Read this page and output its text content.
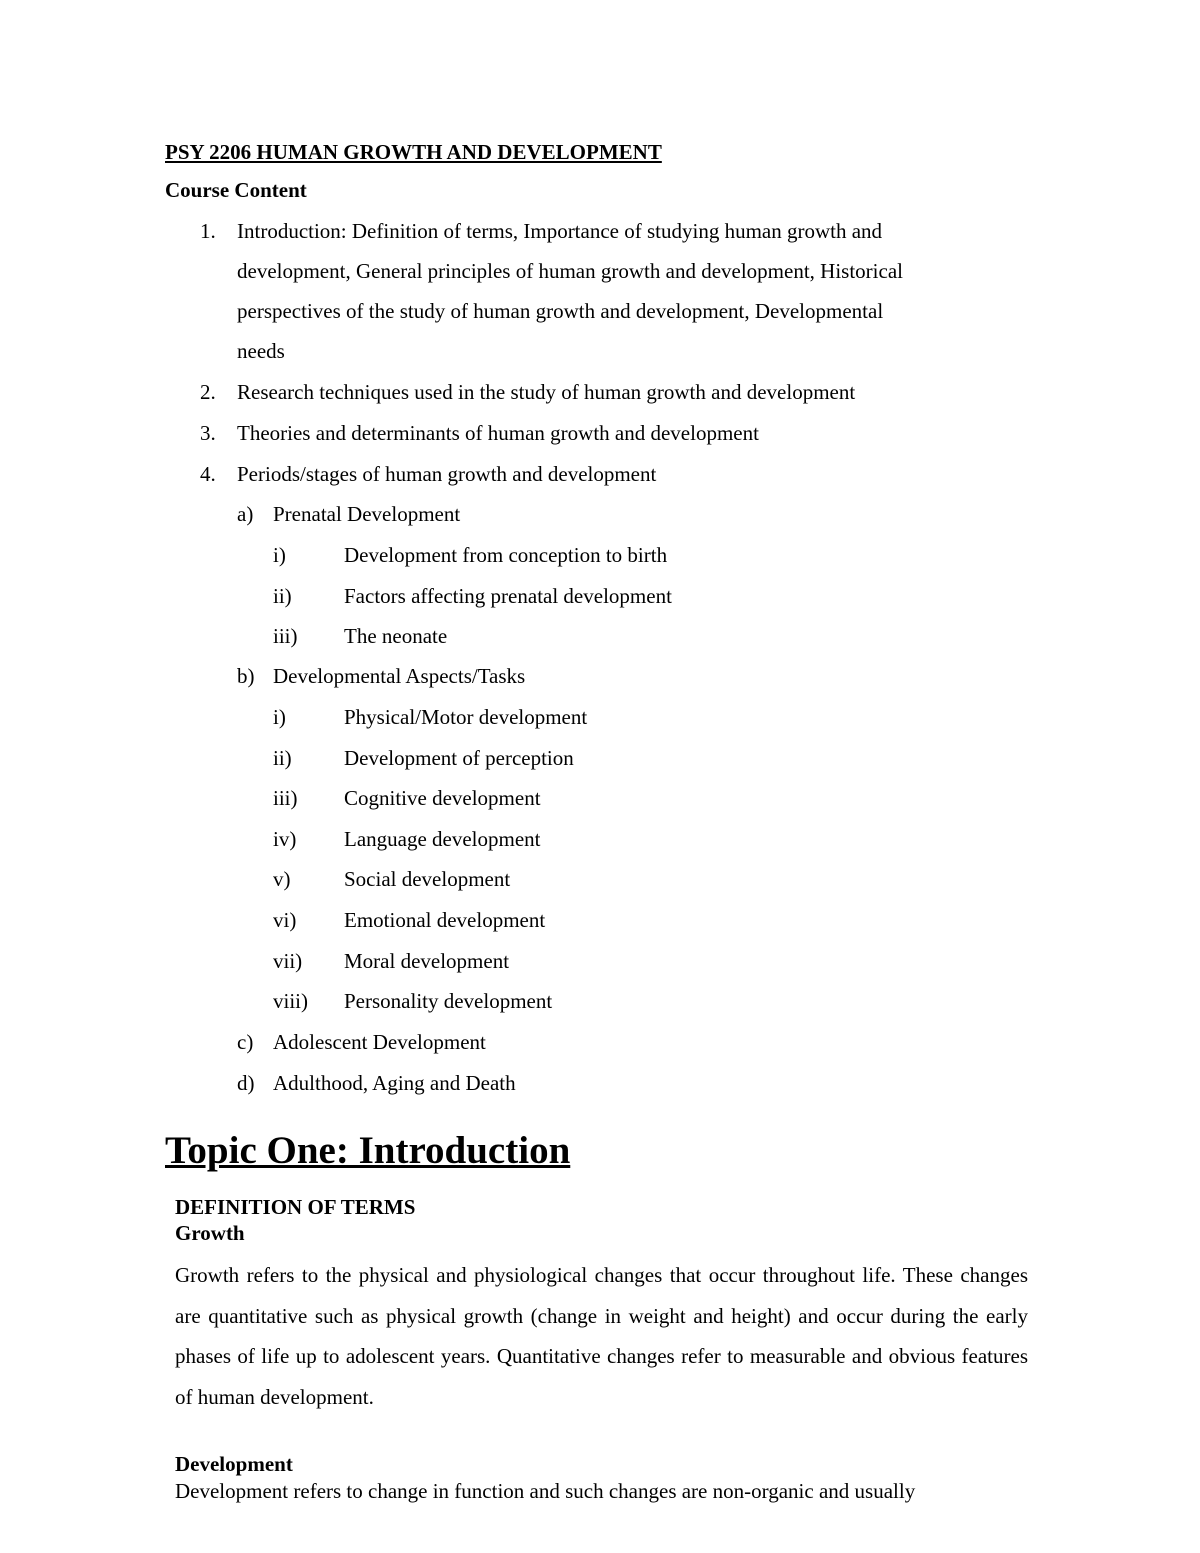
PSY 2206 HUMAN GROWTH AND DEVELOPMENT
Course Content
1. Introduction: Definition of terms, Importance of studying human growth and
development, General principles of human growth and development, Historical
perspectives of the study of human growth and development, Developmental
needs
2. Research techniques used in the study of human growth and development
3. Theories and determinants of human growth and development
4. Periods/stages of human growth and development
a) Prenatal Development
i)	Development from conception to birth
ii) Factors affecting prenatal development
iii) The neonate
b) Developmental Aspects/Tasks
i)	Physical/Motor development
ii) Development of perception
iii) Cognitive development
iv) Language development
v)	Social development
vi) Emotional development
vii) Moral development
viii) Personality development
c) Adolescent Development
d) Adulthood, Aging and Death
Topic One: Introduction
DEFINITION OF TERMS
Growth
Growth refers to the physical and physiological changes that occur throughout life. These changes are quantitative such as physical growth (change in weight and height) and occur during the early phases of life up to adolescent years. Quantitative changes refer to measurable and obvious features of human development.
Development
Development refers to change in function and such changes are non-organic and usually
